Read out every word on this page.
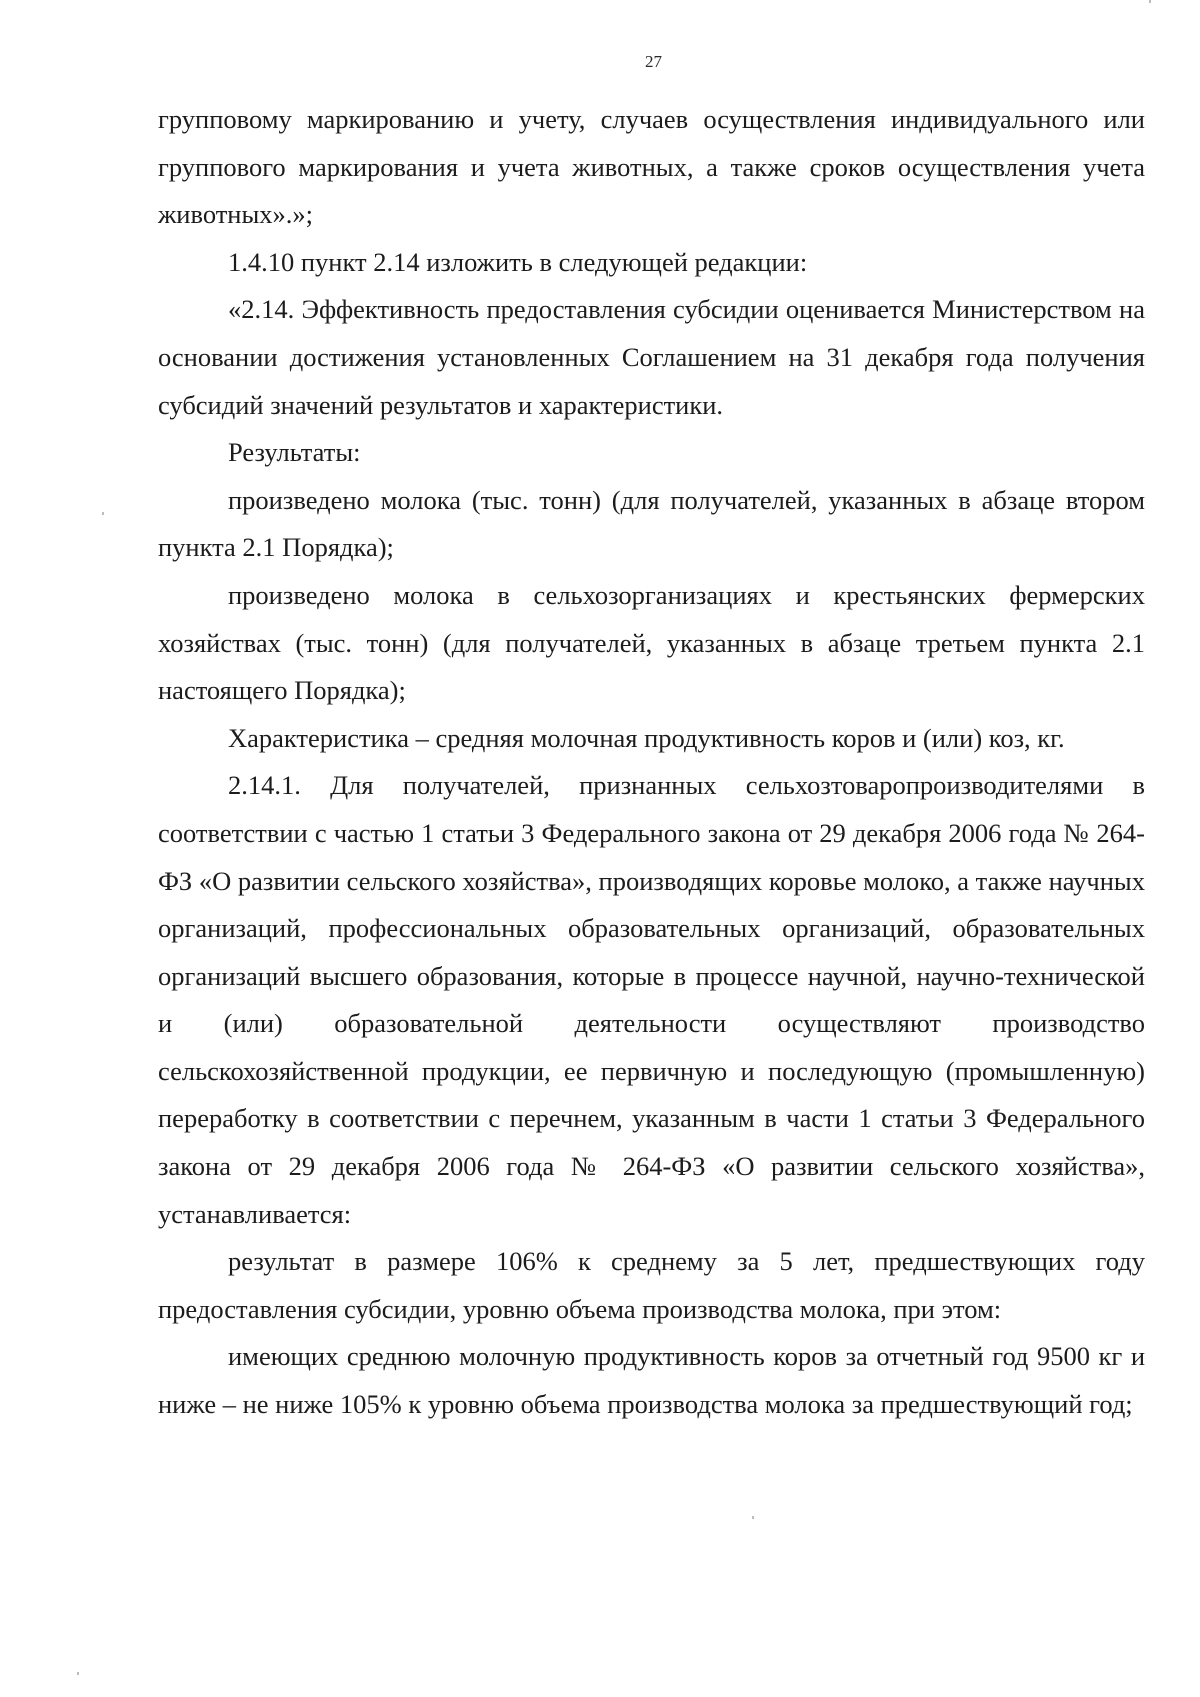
27

групповому маркированию и учету, случаев осуществления индивидуального или группового маркирования и учета животных, а также сроков осуществления учета животных».»;

1.4.10 пункт 2.14 изложить в следующей редакции:

«2.14. Эффективность предоставления субсидии оценивается Министерством на основании достижения установленных Соглашением на 31 декабря года получения субсидий значений результатов и характеристики.

Результаты:

произведено молока (тыс. тонн) (для получателей, указанных в абзаце втором пункта 2.1 Порядка);

произведено молока в сельхозорганизациях и крестьянских фермерских хозяйствах (тыс. тонн) (для получателей, указанных в абзаце третьем пункта 2.1 настоящего Порядка);

Характеристика – средняя молочная продуктивность коров и (или) коз, кг.

2.14.1. Для получателей, признанных сельхозтоваропроизводителями в соответствии с частью 1 статьи 3 Федерального закона от 29 декабря 2006 года № 264-ФЗ «О развитии сельского хозяйства», производящих коровье молоко, а также научных организаций, профессиональных образовательных организаций, образовательных организаций высшего образования, которые в процессе научной, научно-технической и (или) образовательной деятельности осуществляют производство сельскохозяйственной продукции, ее первичную и последующую (промышленную) переработку в соответствии с перечнем, указанным в части 1 статьи 3 Федерального закона от 29 декабря 2006 года № 264-ФЗ «О развитии сельского хозяйства», устанавливается:

результат в размере 106% к среднему за 5 лет, предшествующих году предоставления субсидии, уровню объема производства молока, при этом:

имеющих среднюю молочную продуктивность коров за отчетный год 9500 кг и ниже – не ниже 105% к уровню объема производства молока за предшествующий год;
